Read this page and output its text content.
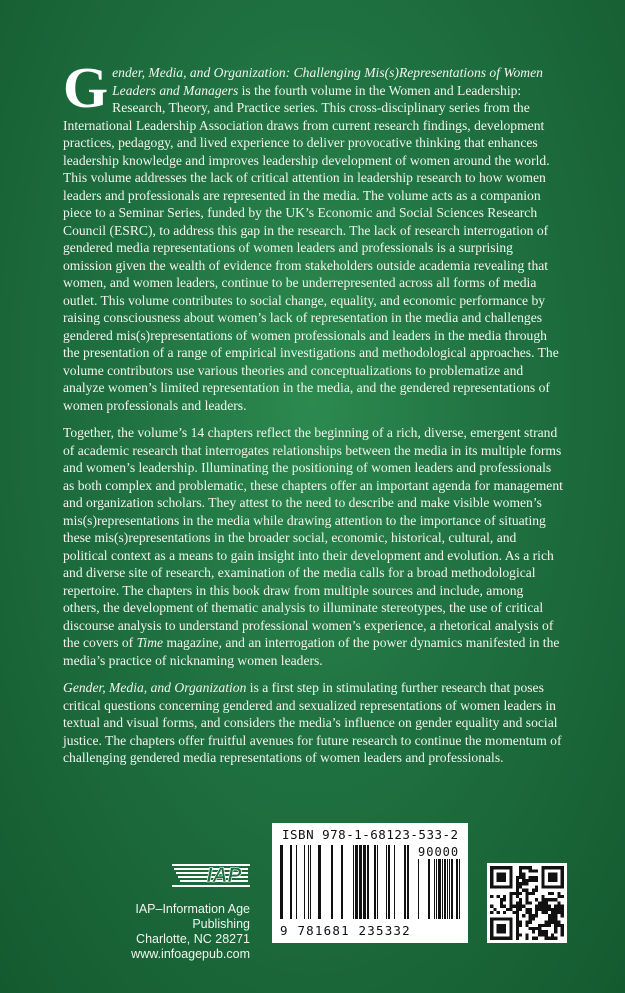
Gender, Media, and Organization: Challenging Mis(s)Representations of Women Leaders and Managers is the fourth volume in the Women and Leadership: Research, Theory, and Practice series. This cross-disciplinary series from the International Leadership Association draws from current research findings, development practices, pedagogy, and lived experience to deliver provocative thinking that enhances leadership knowledge and improves leadership development of women around the world. This volume addresses the lack of critical attention in leadership research to how women leaders and professionals are represented in the media. The volume acts as a companion piece to a Seminar Series, funded by the UK’s Economic and Social Sciences Research Council (ESRC), to address this gap in the research. The lack of research interrogation of gendered media representations of women leaders and professionals is a surprising omission given the wealth of evidence from stakeholders outside academia revealing that women, and women leaders, continue to be underrepresented across all forms of media outlet. This volume contributes to social change, equality, and economic performance by raising consciousness about women’s lack of representation in the media and challenges gendered mis(s)representations of women professionals and leaders in the media through the presentation of a range of empirical investigations and methodological approaches. The volume contributors use various theories and conceptualizations to problematize and analyze women’s limited representation in the media, and the gendered representations of women professionals and leaders.

Together, the volume’s 14 chapters reflect the beginning of a rich, diverse, emergent strand of academic research that interrogates relationships between the media in its multiple forms and women’s leadership. Illuminating the positioning of women leaders and professionals as both complex and problematic, these chapters offer an important agenda for management and organization scholars. They attest to the need to describe and make visible women’s mis(s)representations in the media while drawing attention to the importance of situating these mis(s)representations in the broader social, economic, historical, cultural, and political context as a means to gain insight into their development and evolution. As a rich and diverse site of research, examination of the media calls for a broad methodological repertoire. The chapters in this book draw from multiple sources and include, among others, the development of thematic analysis to illuminate stereotypes, the use of critical discourse analysis to understand professional women’s experience, a rhetorical analysis of the covers of Time magazine, and an interrogation of the power dynamics manifested in the media’s practice of nicknaming women leaders.

Gender, Media, and Organization is a first step in stimulating further research that poses critical questions concerning gendered and sexualized representations of women leaders in textual and visual forms, and considers the media’s influence on gender equality and social justice. The chapters offer fruitful avenues for future research to continue the momentum of challenging gendered media representations of women leaders and professionals.

IAP
IAP–Information Age Publishing
Charlotte, NC 28271
www.infoagepub.com
ISBN 978-1-68123-533-2
90000
9 781681 235332
